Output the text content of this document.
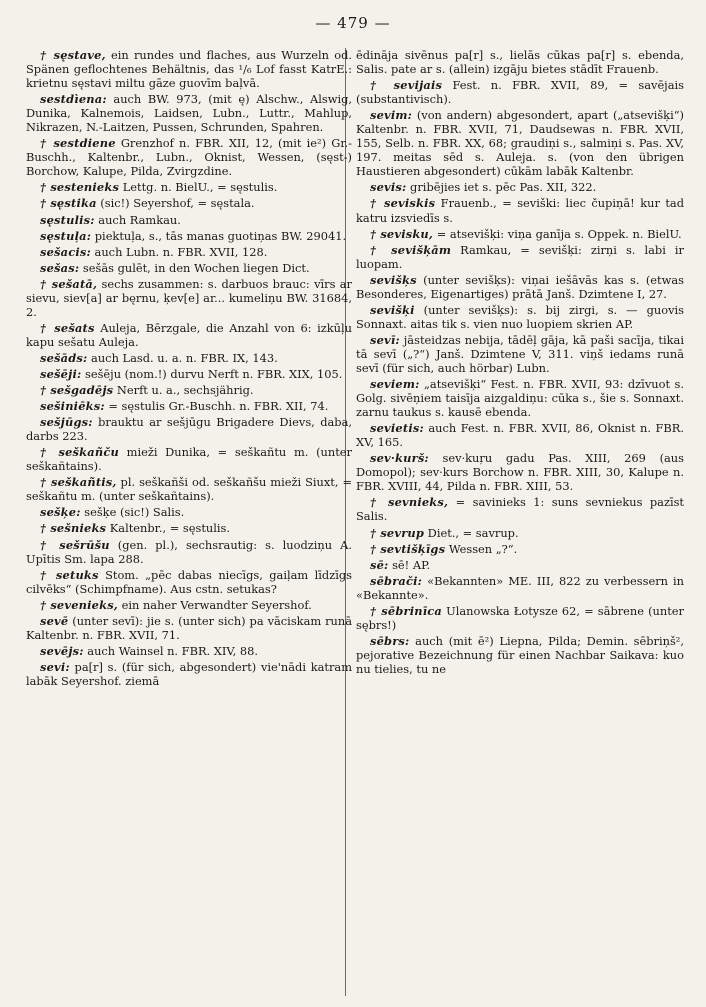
— 479 —

† sęstave, ein rundes und flaches, aus Wurzeln od. Spänen geflochtenes Behältnis, das ¹/₆ Lof fasst KatrE.: krietnu sęstavi miltu gāze guovīm baļvā.

sestdìena: auch BW. 973, (mit ę) Alschw., Alswig, Dunika, Kalnemois, Laidsen, Lubn., Luttr., Mahlup, Nikrazen, N.-Laitzen, Pussen, Schrunden, Spahren.

† sestdiene Grenzhof n. FBR. XII, 12, (mit ie²) Gr.-Buschh., Kaltenbr., Lubn., Oknist, Wessen, (sęst-) Borchow, Kalupe, Pilda, Zvirgzdine.

† sestenieks Lettg. n. BielU., = sęstulis.

† sęstika (sic!) Seyershof, = sęstala.

sęstulis: auch Ramkau.

sęstuļa: piektuļa, s., tās manas guotiņas BW. 29041.

sešacis: auch Lubn. n. FBR. XVII, 128.

sešas: sešās gulēt, in den Wochen liegen Dict.

† sešatā, sechs zusammen: s. darbuos brauc: vīrs ar sievu, siev[a] ar bęrnu, ķev[e] ar... kumeliņu BW. 31684, 2.

† sešats Auleja, Bērzgale, die Anzahl von 6: izkūļu kapu sešatu Auleja.

sešāds: auch Lasd. u. a. n. FBR. IX, 143.

sešēji: sešēju (nom.!) durvu Nerft n. FBR. XIX, 105.

† sešgadējs Nerft u. a., sechsjährig.

sešiniēks: = sęstulis Gr.-Buschh. n. FBR. XII, 74.

sešjūgs: brauktu ar sešjūgu Brigadere Dievs, daba, darbs 223.

† seškañču mieži Dunika, = seškañtu m. (unter seškañtains).

† seškañtis, pl. seškañši od. seškañšu mieži Siuxt, = seškañtu m. (unter seškañtains).

sešķe: sešķe (sic!) Salis.

† sešnieks Kaltenbr., = sęstulis.

† sešrūšu (gen. pl.), sechsrautig: s. luodziņu A. Upītis Sm. lapa 288.

† setuks Stom. „pēc dabas niecīgs, gaiļam līdzīgs cilvēks“ (Schimpfname). Aus cstn. setukas?

† sevenieks, ein naher Verwandter Seyershof.

sevē (unter sevī): jie s. (unter sich) pa vāciskam runā Kaltenbr. n. FBR. XVII, 71.

sevējs: auch Wainsel n. FBR. XIV, 88.

sevi: pa[r] s. (für sich, abgesondert) vie'nādi katram labāk Seyershof. ziemā

ēdināja sivēnus pa[r] s., lielās cūkas pa[r] s. ebenda, Salis. pate ar s. (allein) izgāju bietes stādīt Frauenb.

† sevijais Fest. n. FBR. XVII, 89, = savējais (substantivisch).

sevim: (von andern) abgesondert, apart („atsevišķi“) Kaltenbr. n. FBR. XVII, 71, Daudsewas n. FBR. XVII, 155, Selb. n. FBR. XX, 68; graudiņi s., salmiņi s. Pas. XV, 197. meitas sēd s. Auleja. s. (von den übrigen Haustieren abgesondert) cūkām labāk Kaltenbr.

sevis: gribējies iet s. pēc Pas. XII, 322.

† seviskis Frauenb., = seviški: liec čupiņā! kur tad katru izsviedīs s.

† sevisku, = atsevišķi: viņa ganīja s. Oppek. n. BielU.

† sevišķām Ramkau, = sevišķi: zirņi s. labi ir luopam.

sevišķs (unter sevišķs): viņai iešāvās kas s. (etwas Besonderes, Eigenartiges) prātā Janš. Dzimtene I, 27.

sevišķi (unter sevišķs): s. bij zirgi, s. — guovis Sonnaxt. aitas tik s. vien nuo luopiem skrien AP.

sevī: jāsteidzas nebija, tādēļ gāja, kā paši sacīja, tikai tā sevī („?“) Janš. Dzimtene V, 311. viņš iedams runā sevī (für sich, auch hörbar) Lubn.

seviem: „atsevišķi“ Fest. n. FBR. XVII, 93: dzīvuot s. Golg. sivēņiem taisīja aizgaldiņu: cūka s., šie s. Sonnaxt. zarnu taukus s. kausē ebenda.

sevietis: auch Fest. n. FBR. XVII, 86, Oknist n. FBR. XV, 165.

sev·kurš: sev·kuŗu gadu Pas. XIII, 269 (aus Domopol); sev·kurs Borchow n. FBR. XIII, 30, Kalupe n. FBR. XVIII, 44, Pilda n. FBR. XIII, 53.

† sevnieks, = savinieks 1: suns sevniekus pazīst Salis.

† sevrup Diet., = savrup.

† sevtišķīgs Wessen „?“.

sē: sē! AP.

sēbrači: «Bekannten» ME. III, 822 zu verbessern in «Bekannte».

† sēbrinīca Ulanowska Łotysze 62, = sābrene (unter sębrs!)

sēbrs: auch (mit ē²) Liepna, Pilda; Demin. sēbriņš², pejorative Bezeichnung für einen Nachbar Saikava: kuo nu tielies, tu ne
